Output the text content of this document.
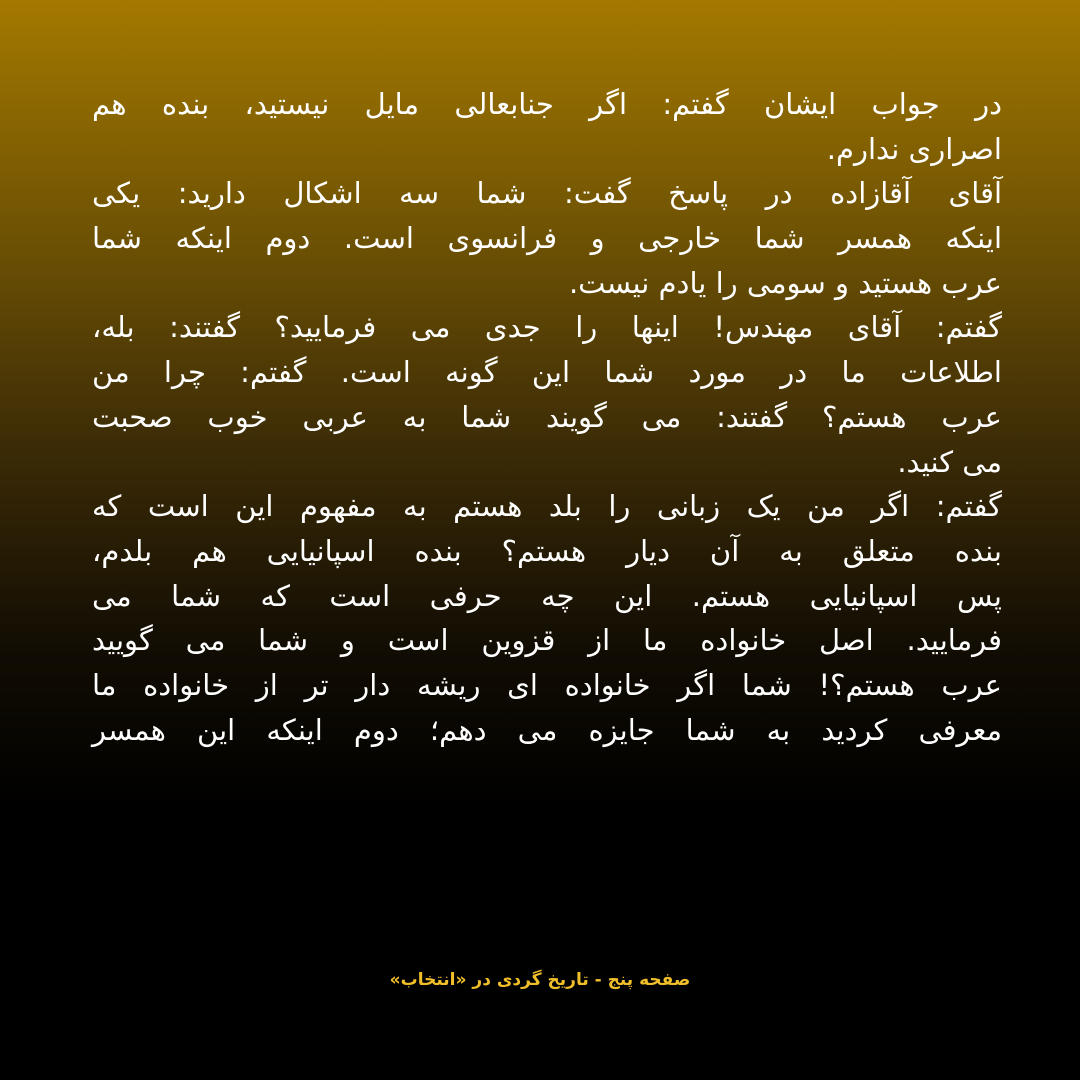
در جواب ایشان گفتم: اگر جنابعالی مایل نیستید، بنده هم
اصراری ندارم.
آقای آقازاده در پاسخ گفت: شما سه اشکال دارید: یکی
اینکه همسر شما خارجی و فرانسوی است. دوم اینکه شما
عرب هستید و سومی را یادم نیست.
گفتم: آقای مهندس! اینها را جدی می فرمایید؟ گفتند: بله،
اطلاعات ما در مورد شما این گونه است. گفتم: چرا من
عرب هستم؟ گفتند: می گویند شما به عربی خوب صحبت
می کنید.
گفتم: اگر من یک زبانی را بلد هستم به مفهوم این است که
بنده متعلق به آن دیار هستم؟ بنده اسپانیایی هم بلدم،
پس اسپانیایی هستم. این چه حرفی است که شما می
فرمایید. اصل خانواده ما از قزوین است و شما می گویید
عرب هستم؟! شما اگر خانواده ای ریشه دار تر از خانواده ما
معرفی کردید به شما جایزه می دهم؛ دوم اینکه این همسر
صفحه پنج - تاریخ گردی در «انتخاب»
